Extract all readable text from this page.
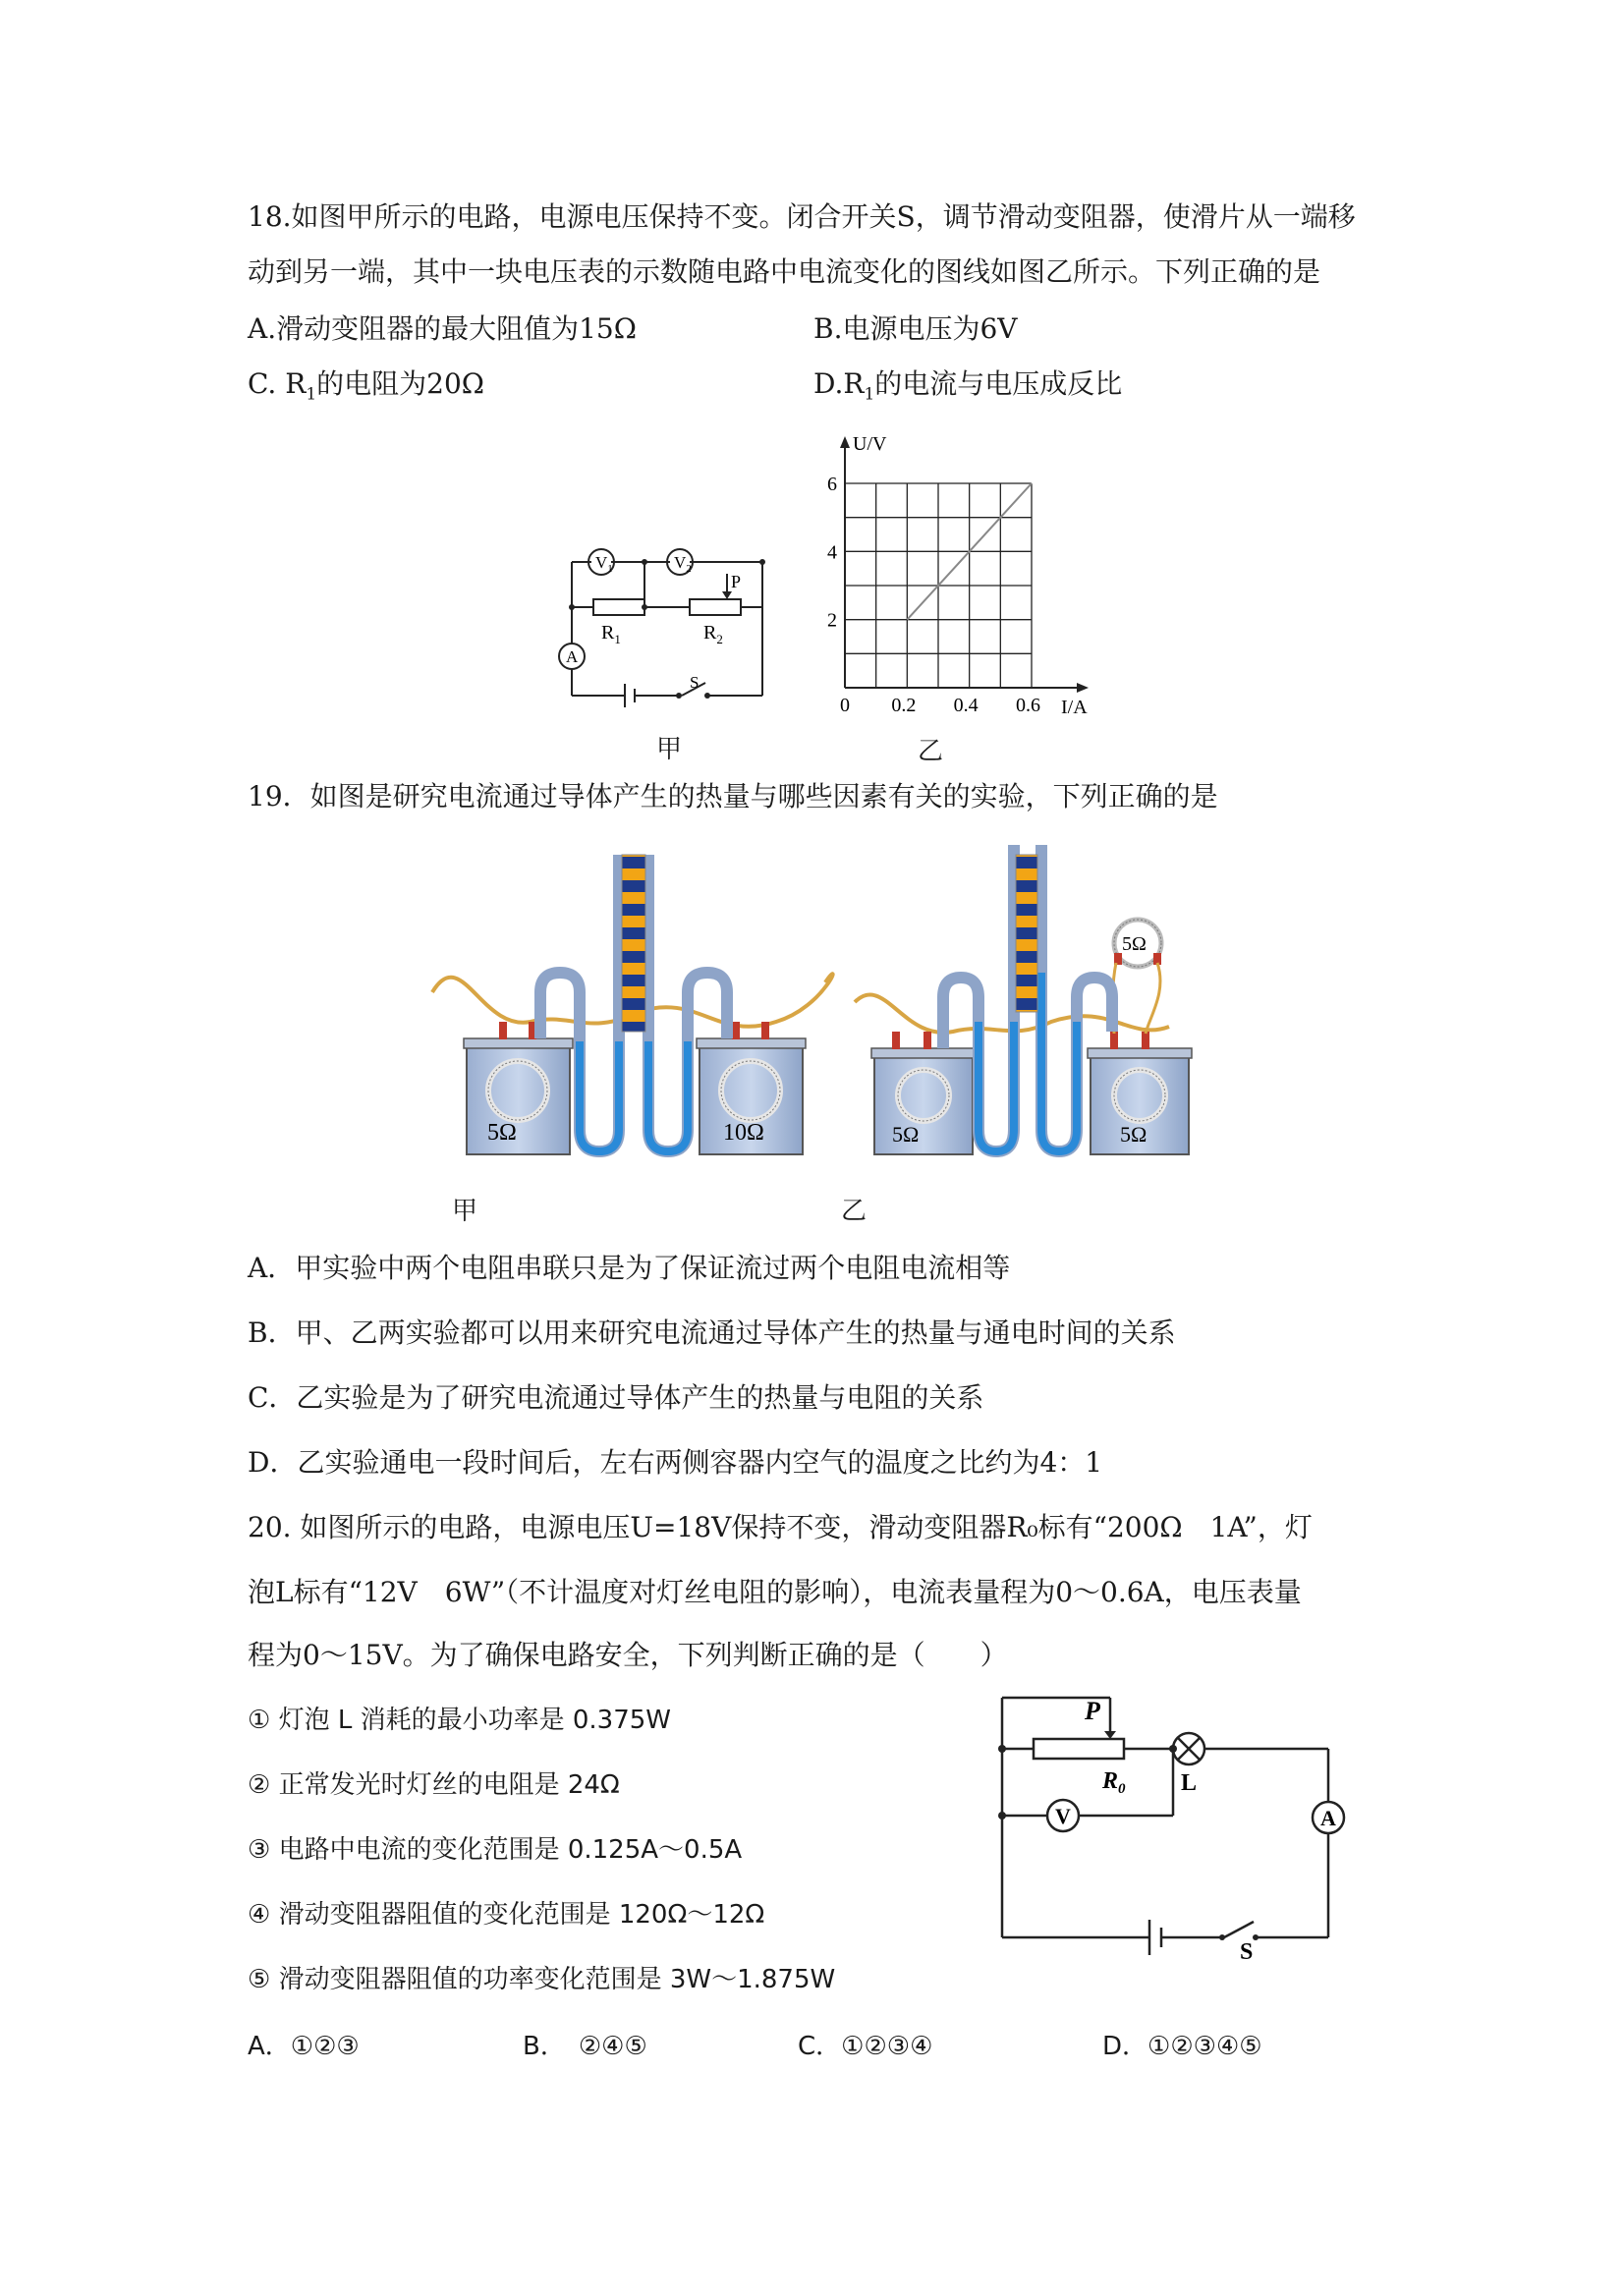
18.如图甲所示的电路，电源电压保持不变。闭合开关S，调节滑动变阻器，使滑片从一端移
动到另一端，其中一块电压表的示数随电路中电流变化的图线如图乙所示。下列正确的是
A.滑动变阻器的最大阻值为15Ω	B.电源电压为6V
C. $R_1$的电阻为20Ω	$D.R_1$的电流与电压成反比
$V_1$	$V_2$
A
$R_1$	$R_2$
P
S
甲
U/V
I/A
0 0.2 0.4 0.6
2
4
6
乙
19．如图是研究电流通过导体产生的热量与哪些因素有关的实验，下列正确的是
5Ω	10Ω	5Ω	5Ω
5Ω
甲	乙
A．甲实验中两个电阻串联只是为了保证流过两个电阻电流相等
B．甲、乙两实验都可以用来研究电流通过导体产生的热量与通电时间的关系
C．乙实验是为了研究电流通过导体产生的热量与电阻的关系
D．乙实验通电一段时间后，左右两侧容器内空气的温度之比约为4：1
20. 如图所示的电路，电源电压U=18V保持不变，滑动变阻器R₀标有“200Ω　1A”，灯
泡L标有“12V　6W”（不计温度对灯丝电阻的影响），电流表量程为0～0.6A，电压表量
程为0～15V。为了确保电路安全，下列判断正确的是（　　）
① 灯泡 L 消耗的最小功率是 0.375W
② 正常发光时灯丝的电阻是 24Ω
③ 电路中电流的变化范围是 0.125A～0.5A
④ 滑动变阻器阻值的变化范围是 120Ω～12Ω
⑤ 滑动变阻器阻值的功率变化范围是 3W～1.875W
A．①②③	B．　②④⑤	C．①②③④	D．①②③④⑤
P
$R_0$ L
V	A
S
